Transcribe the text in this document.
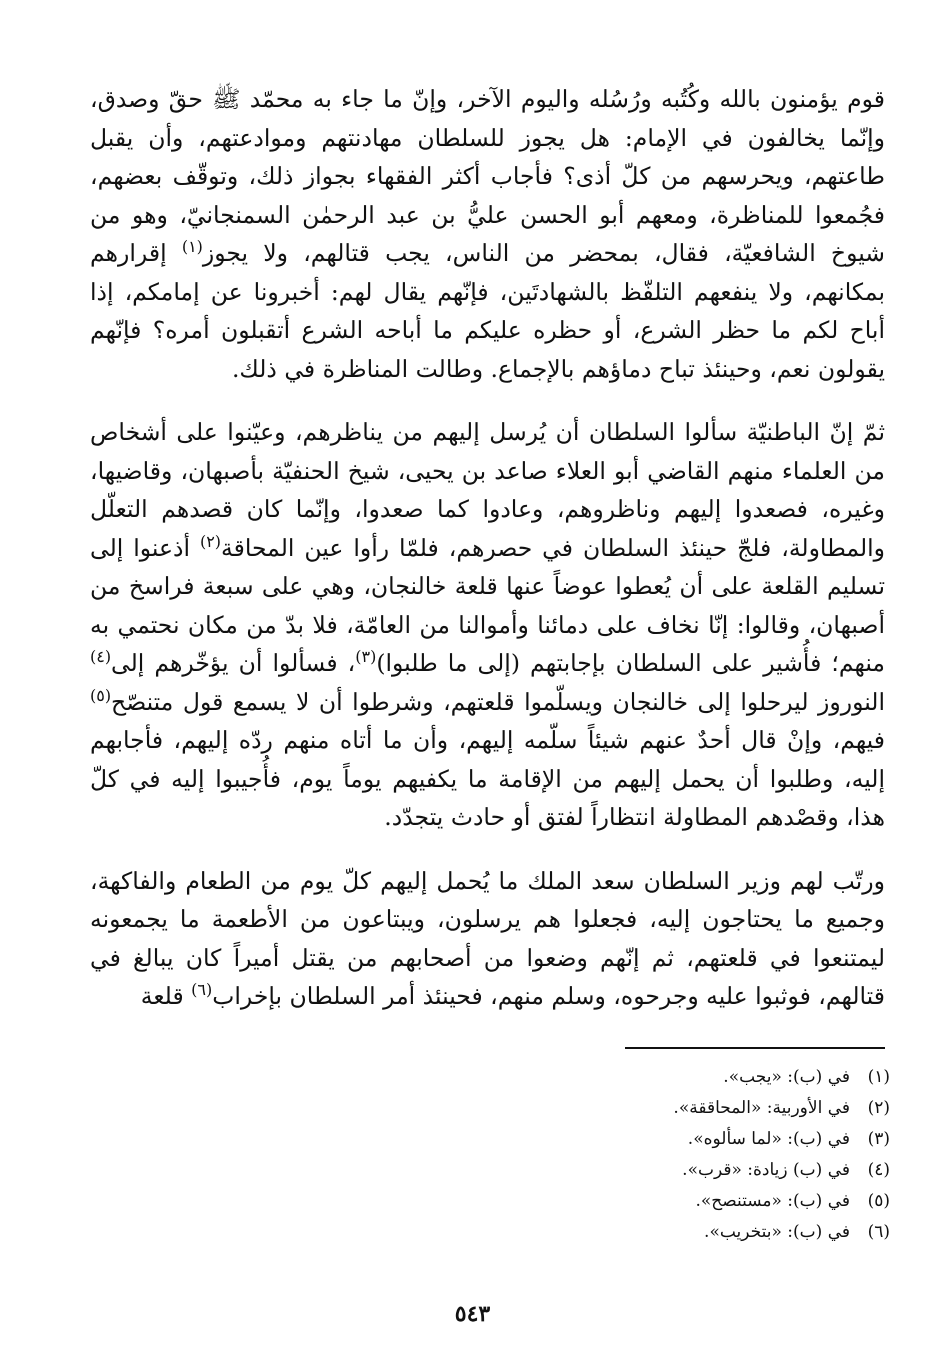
قوم يؤمنون بالله وكُتُبه ورُسُله واليوم الآخر، وإنّ ما جاء به محمّد ﷺ حقّ وصدق، وإنّما يخالفون في الإمام: هل يجوز للسلطان مهادنتهم وموادعتهم، وأن يقبل طاعتهم، ويحرسهم من كلّ أذى؟ فأجاب أكثر الفقهاء بجواز ذلك، وتوقّف بعضهم، فجُمعوا للمناظرة، ومعهم أبو الحسن عليُّ بن عبد الرحمٰن السمنجانيّ، وهو من شيوخ الشافعيّة، فقال، بمحضر من الناس، يجب قتالهم، ولا يجوز$^{(١)}$ إقرارهم بمكانهم، ولا ينفعهم التلفّظ بالشهادتَين، فإنّهم يقال لهم: أخبرونا عن إمامكم، إذا أباح لكم ما حظر الشرع، أو حظره عليكم ما أباحه الشرع أتقبلون أمره؟ فإنّهم يقولون نعم، وحينئذ تباح دماؤهم بالإجماع. وطالت المناظرة في ذلك.

ثمّ إنّ الباطنيّة سألوا السلطان أن يُرسل إليهم من يناظرهم، وعيّنوا على أشخاص من العلماء منهم القاضي أبو العلاء صاعد بن يحيى، شيخ الحنفيّة بأصبهان، وقاضيها، وغيره، فصعدوا إليهم وناظروهم، وعادوا كما صعدوا، وإنّما كان قصدهم التعلّل والمطاولة، فلجّ حينئذ السلطان في حصرهم، فلمّا رأوا عين المحاقة$^{(٢)}$ أذعنوا إلى تسليم القلعة على أن يُعطوا عوضاً عنها قلعة خالنجان، وهي على سبعة فراسخ من أصبهان، وقالوا: إنّا نخاف على دمائنا وأموالنا من العامّة، فلا بدّ من مكان نحتمي به منهم؛ فأُشير على السلطان بإجابتهم (إلى ما طلبوا)$^{(٣)}$، فسألوا أن يؤخّرهم إلى$^{(٤)}$ النوروز ليرحلوا إلى خالنجان ويسلّموا قلعتهم، وشرطوا أن لا يسمع قول متنصّح$^{(٥)}$ فيهم، وإنْ قال أحدٌ عنهم شيئاً سلّمه إليهم، وأن ما أتاه منهم ردّه إليهم، فأجابهم إليه، وطلبوا أن يحمل إليهم من الإقامة ما يكفيهم يوماً يوم، فأُجيبوا إليه في كلّ هذا، وقصْدهم المطاولة انتظاراً لفتق أو حادث يتجدّد.

ورتّب لهم وزير السلطان سعد الملك ما يُحمل إليهم كلّ يوم من الطعام والفاكهة، وجميع ما يحتاجون إليه، فجعلوا هم يرسلون، ويبتاعون من الأطعمة ما يجمعونه ليمتنعوا في قلعتهم، ثم إنّهم وضعوا من أصحابهم من يقتل أميراً كان يبالغ في قتالهم، فوثبوا عليه وجرحوه، وسلم منهم، فحينئذ أمر السلطان بإخراب$^{(٦)}$ قلعة

(١)في (ب): «يجب».
(٢)في الأوربية: «المحاققة».
(٣)في (ب): «لما سألوه».
(٤)في (ب) زيادة: «قرب».
(٥)في (ب): «مستنصح».
(٦)في (ب): «بتخريب».
٥٤٣
